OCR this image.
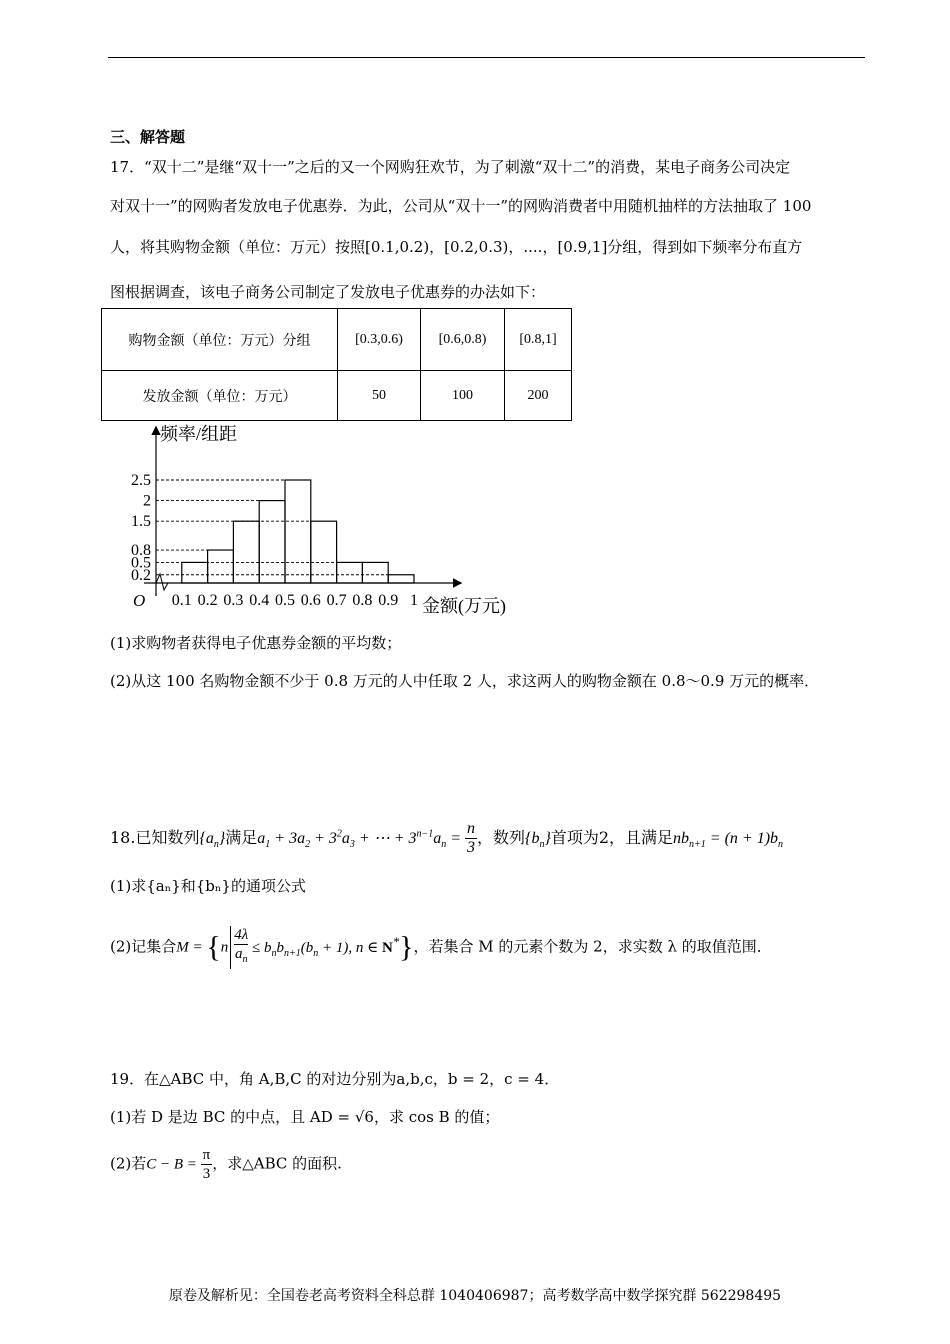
三、解答题
17．“双十二”是继“双十一”之后的又一个网购狂欢节，为了刺激“双十二”的消费，某电子商务公司决定
对双十一”的网购者发放电子优惠券．为此，公司从“双十一”的网购消费者中用随机抽样的方法抽取了 100
人，将其购物金额（单位：万元）按照[0.1,0.2)，[0.2,0.3)，....，[0.9,1]分组，得到如下频率分布直方
图根据调查，该电子商务公司制定了发放电子优惠券的办法如下：
购物金额（单位：万元）分组	[0.3,0.6)	[0.6,0.8)	[0.8,1]
发放金额（单位：万元）	50	100	200
频率/组距
金额(万元)
O
0.2
0.5
0.8
1.5
2
2.5
0.1 0.2 0.3 0.4 0.5 0.6 0.7 0.8 0.9 1
(1)求购物者获得电子优惠券金额的平均数；
(2)从这 100 名购物金额不少于 0.8 万元的人中任取 2 人，求这两人的购物金额在 0.8～0.9 万元的概率．
18.已知数列$\{a_n\}$满足$a_1 + 3a_2 + 3^2a_3$ + ⋯ + $3^{n-1}a_n = \frac{n}{3}$ ，数列$\{b_n\}$首项为2，且满足$nb_{n+1} = (n + 1)b_n$
(1)求{aₙ}和{bₙ}的通项公式
(2)记集合$M = \{n \frac{4\lambda}{a_n} \le b_nb_{n+1}(b_n + 1)$, n ∈ N*}，若集合 M 的元素个数为 2，求实数 λ 的取值范围．
19．在△ABC 中，角 A,B,C 的对边分别为a,b,c，b = 2，c = 4．
(1)若 D 是边 BC 的中点，且 AD = √6，求 cos B 的值；
(2)若$C - B = \frac{\pi}{3}$ ，求△ABC 的面积.
原卷及解析见：全国卷老高考资料全科总群 1040406987；高考数学高中数学探究群 562298495
